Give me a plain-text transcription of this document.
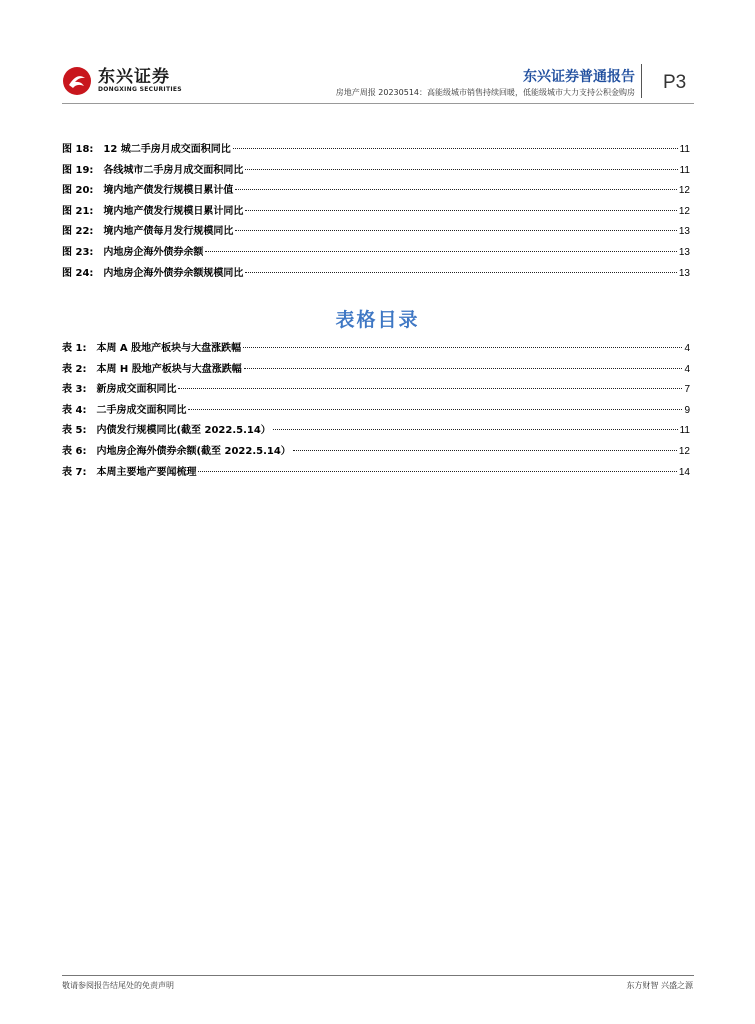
东兴证券
DONGXING SECURITIES
东兴证券普通报告
房地产周报 20230514：高能级城市销售持续回暖，低能级城市大力支持公积金购房 P3
图 18: 12 城二手房月成交面积同比	11
图 19: 各线城市二手房月成交面积同比	11
图 20: 境内地产债发行规模日累计值	12
图 21: 境内地产债发行规模日累计同比	12
图 22: 境内地产债每月发行规模同比	13
图 23: 内地房企海外债券余额	13
图 24: 内地房企海外债券余额规模同比	13
表格目录
表 1: 本周 A 股地产板块与大盘涨跌幅	4
表 2: 本周 H 股地产板块与大盘涨跌幅	4
表 3: 新房成交面积同比	7
表 4: 二手房成交面积同比	9
表 5: 内债发行规模同比(截至 2022.5.14）	11
表 6: 内地房企海外债券余额(截至 2022.5.14）	12
表 7: 本周主要地产要闻梳理	14
敬请参阅报告结尾处的免责声明	东方财智 兴盛之源
